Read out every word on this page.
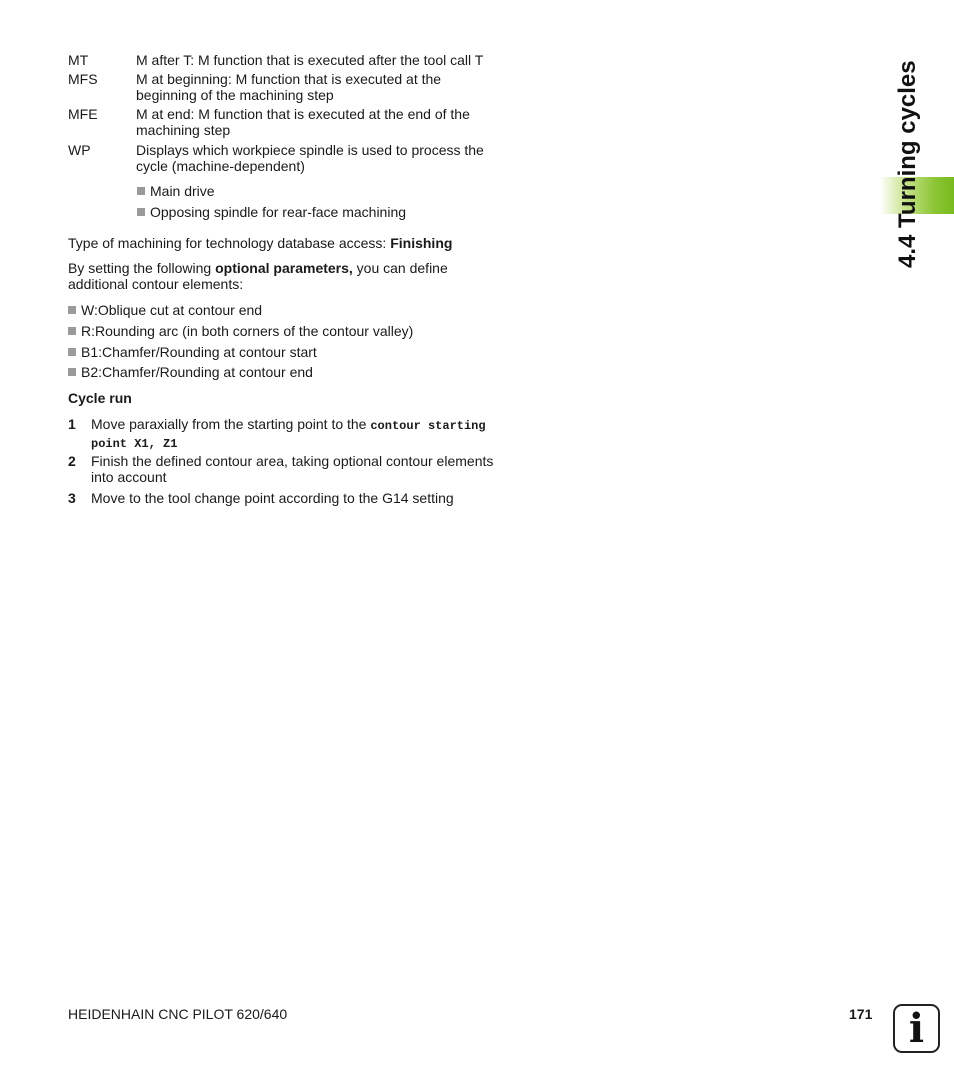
MT	M after T: M function that is executed after the tool call T
MFS	M at beginning: M function that is executed at the beginning of the machining step
MFE	M at end: M function that is executed at the end of the machining step
WP	Displays which workpiece spindle is used to process the cycle (machine-dependent)
Main drive
Opposing spindle for rear-face machining
Type of machining for technology database access: Finishing
By setting the following optional parameters, you can define additional contour elements:
W:Oblique cut at contour end
R:Rounding arc (in both corners of the contour valley)
B1:Chamfer/Rounding at contour start
B2:Chamfer/Rounding at contour end
Cycle run
1 Move paraxially from the starting point to the contour starting point X1, Z1
2 Finish the defined contour area, taking optional contour elements into account
3 Move to the tool change point according to the G14 setting
4.4 Turning cycles
HEIDENHAIN CNC PILOT 620/640	171 i
